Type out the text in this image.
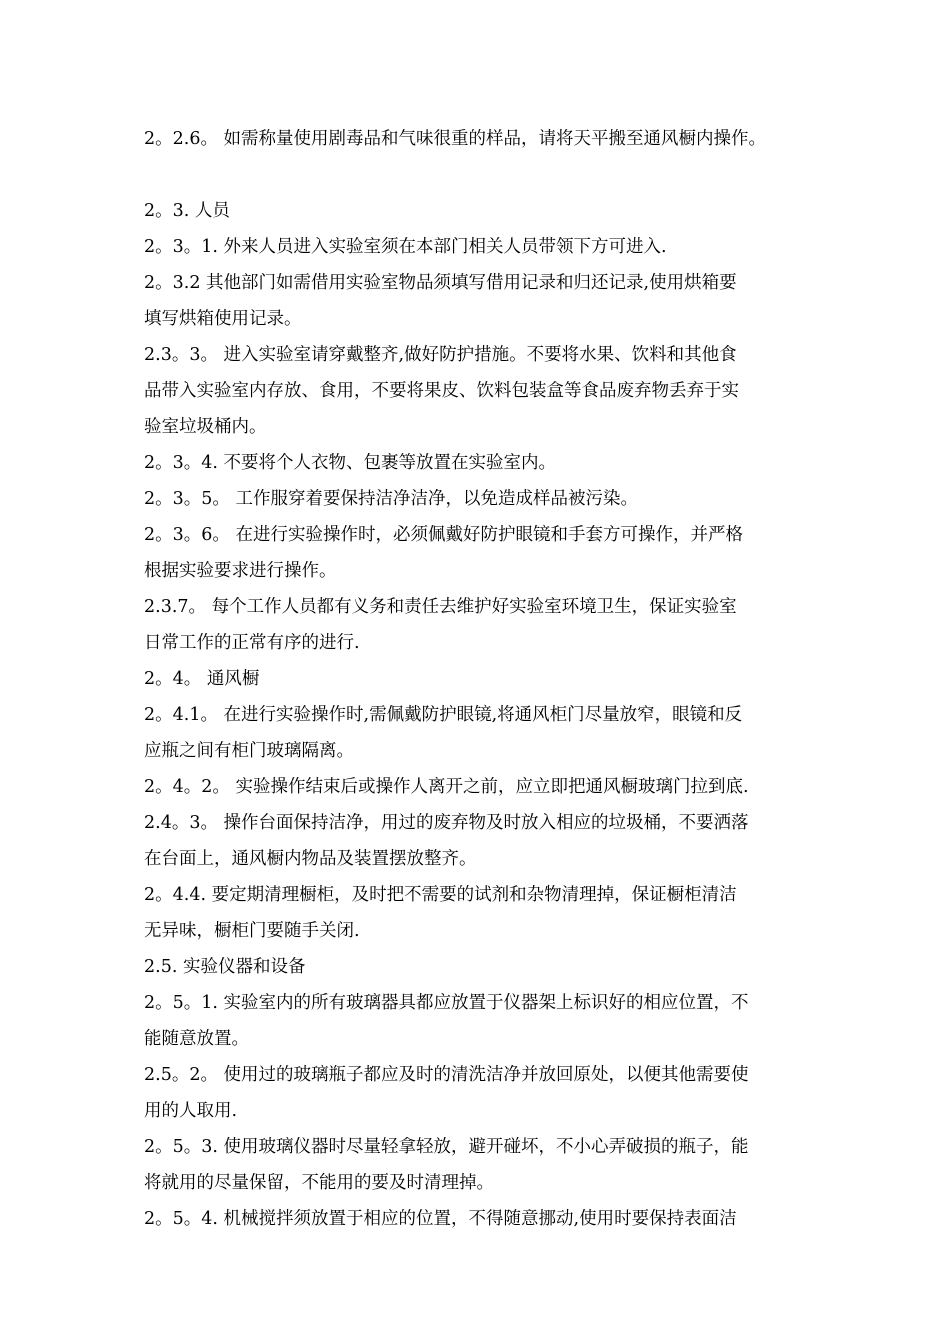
2。2.6。 如需称量使用剧毒品和气味很重的样品，请将天平搬至通风橱内操作。
2。3. 人员
2。3。1. 外来人员进入实验室须在本部门相关人员带领下方可进入.
2。3.2 其他部门如需借用实验室物品须填写借用记录和归还记录,使用烘箱要
填写烘箱使用记录。
2.3。3。 进入实验室请穿戴整齐,做好防护措施。不要将水果、饮料和其他食
品带入实验室内存放、食用，不要将果皮、饮料包装盒等食品废弃物丢弃于实
验室垃圾桶内。
2。3。4. 不要将个人衣物、包裹等放置在实验室内。
2。3。5。 工作服穿着要保持洁净洁净，以免造成样品被污染。
2。3。6。 在进行实验操作时，必须佩戴好防护眼镜和手套方可操作，并严格
根据实验要求进行操作。
2.3.7。 每个工作人员都有义务和责任去维护好实验室环境卫生，保证实验室
日常工作的正常有序的进行.
2。4。 通风橱
2。4.1。 在进行实验操作时,需佩戴防护眼镜,将通风柜门尽量放窄，眼镜和反
应瓶之间有柜门玻璃隔离。
2。4。2。 实验操作结束后或操作人离开之前，应立即把通风橱玻璃门拉到底.
2.4。3。 操作台面保持洁净，用过的废弃物及时放入相应的垃圾桶，不要洒落
在台面上，通风橱内物品及装置摆放整齐。
2。4.4. 要定期清理橱柜，及时把不需要的试剂和杂物清理掉，保证橱柜清洁
无异味，橱柜门要随手关闭.
2.5. 实验仪器和设备
2。5。1. 实验室内的所有玻璃器具都应放置于仪器架上标识好的相应位置，不
能随意放置。
2.5。2。 使用过的玻璃瓶子都应及时的清洗洁净并放回原处，以便其他需要使
用的人取用.
2。5。3. 使用玻璃仪器时尽量轻拿轻放，避开碰坏，不小心弄破损的瓶子，能
将就用的尽量保留，不能用的要及时清理掉。
2。5。4. 机械搅拌须放置于相应的位置，不得随意挪动,使用时要保持表面洁
